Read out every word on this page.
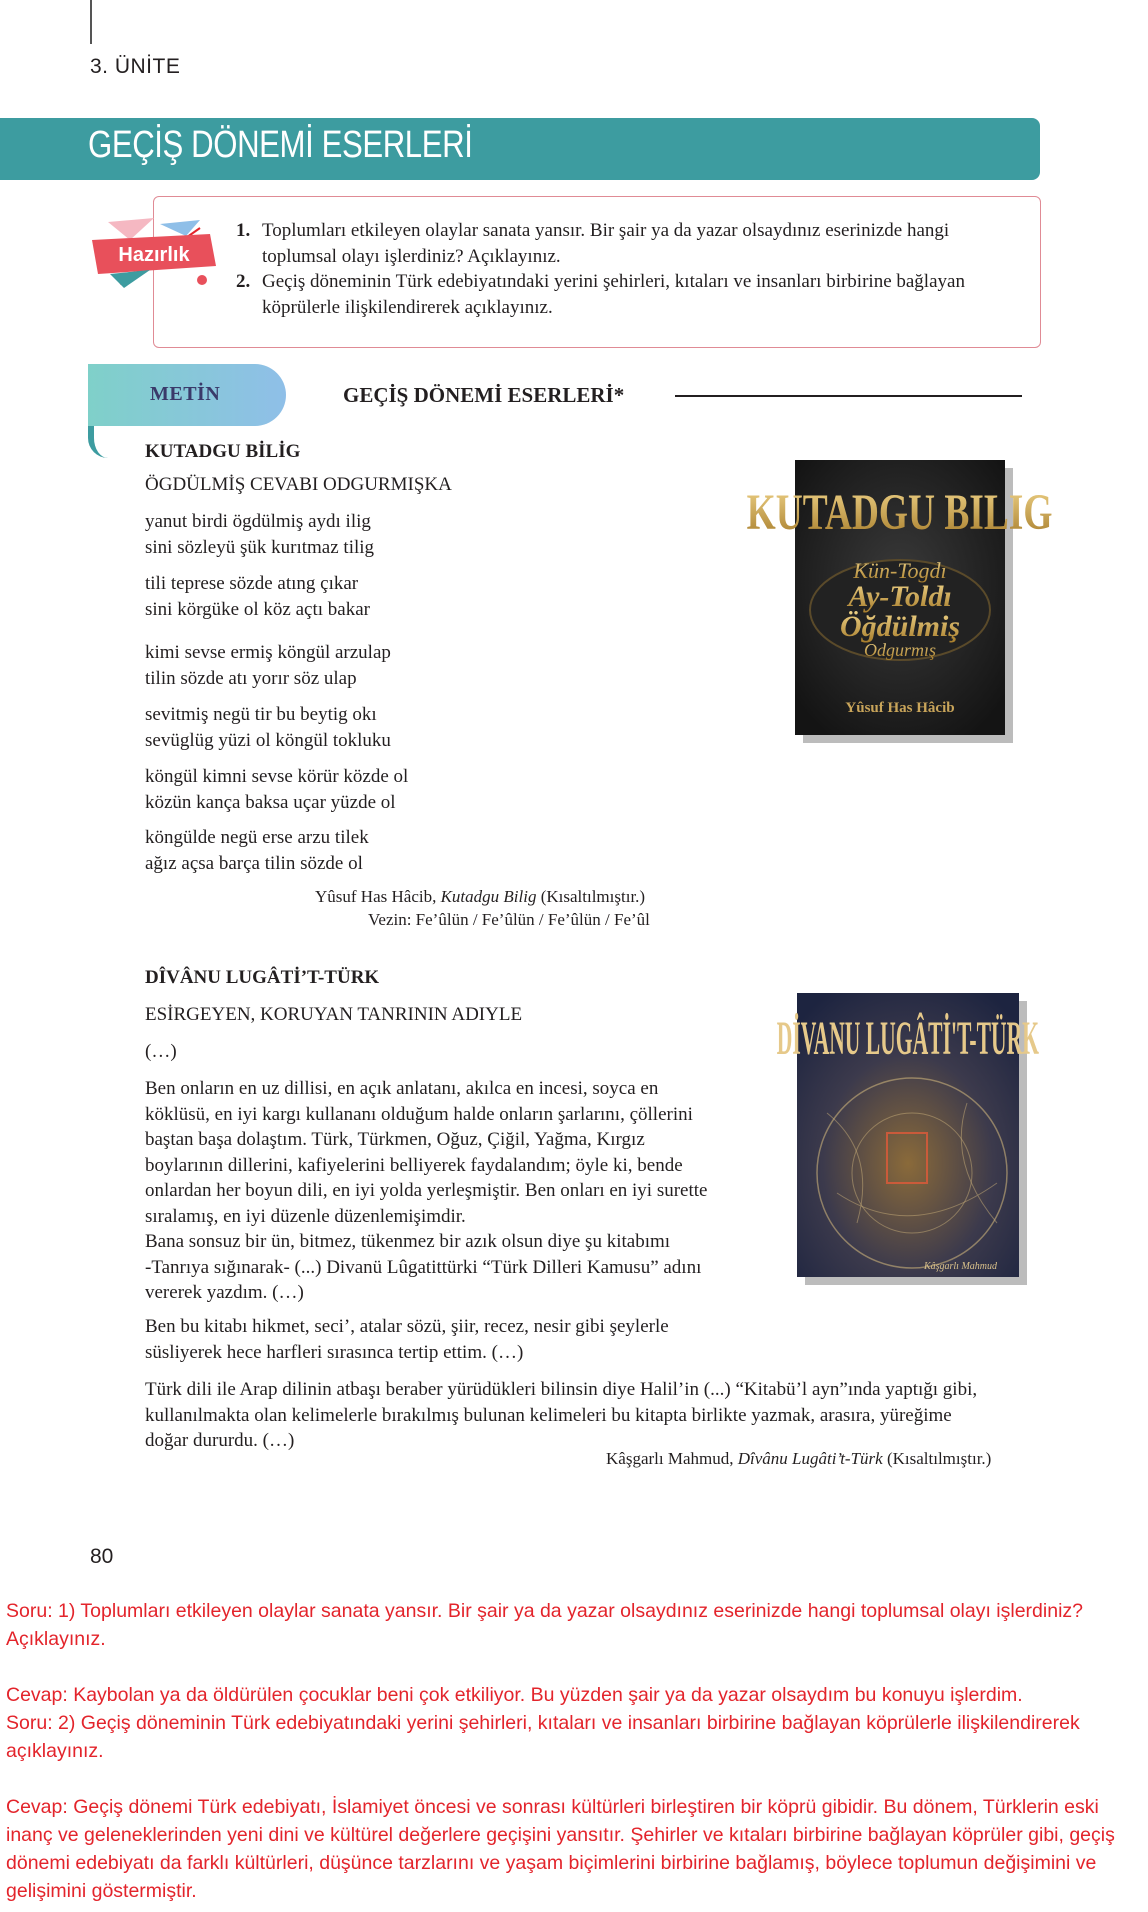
3. ÜNİTE
GEÇİŞ DÖNEMİ ESERLERİ
Hazırlık
1. Toplumları etkileyen olaylar sanata yansır. Bir şair ya da yazar olsaydınız eserinizde hangi toplumsal olayı işlerdiniz? Açıklayınız.
2. Geçiş döneminin Türk edebiyatındaki yerini şehirleri, kıtaları ve insanları birbirine bağlayan köprülerle ilişkilendirerek açıklayınız.
METİN	GEÇİŞ DÖNEMİ ESERLERİ*
KUTADGU BİLİG
ÖGDÜLMİŞ CEVABI ODGURMIŞKA
yanut birdi ögdülmiş aydı ilig
sini sözleyü şük kurıtmaz tilig
tili teprese sözde atıng çıkar
sini körgüke ol köz açtı bakar
kimi sevse ermiş köngül arzulap
tilin sözde atı yorır söz ulap
sevitmiş negü tir bu beytig okı
sevüglüg yüzi ol köngül tokluku
köngül kimni sevse körür közde ol
közün kança baksa uçar yüzde ol
köngülde negü erse arzu tilek
ağız açsa barça tilin sözde ol
Yûsuf Has Hâcib, Kutadgu Bilig (Kısaltılmıştır.)
Vezin: Fe’ûlün / Fe’ûlün / Fe’ûlün / Fe’ûl
KUTADGU BILIG
Kün-Togdı
Ay-Toldı
Öğdülmiş
Odgurmış
Yûsuf Has Hâcib
DÎVÂNU LUGÂTİ’T-TÜRK
ESİRGEYEN, KORUYAN TANRININ ADIYLE
(…)
Ben onların en uz dillisi, en açık anlatanı, akılca en incesi, soyca en
köklüsü, en iyi kargı kullananı olduğum halde onların şarlarını, çöllerini
baştan başa dolaştım. Türk, Türkmen, Oğuz, Çiğil, Yağma, Kırgız
boylarının dillerini, kafiyelerini belliyerek faydalandım; öyle ki, bende
onlardan her boyun dili, en iyi yolda yerleşmiştir. Ben onları en iyi surette
sıralamış, en iyi düzenle düzenlemişimdir.
Bana sonsuz bir ün, bitmez, tükenmez bir azık olsun diye şu kitabımı
-Tanrıya sığınarak- (...) Divanü Lûgatittürki “Türk Dilleri Kamusu” adını
vererek yazdım. (…)
Ben bu kitabı hikmet, seci’, atalar sözü, şiir, recez, nesir gibi şeylerle
süsliyerek hece harfleri sırasınca tertip ettim. (…)
Türk dili ile Arap dilinin atbaşı beraber yürüdükleri bilinsin diye Halil’in (...) “Kitabü’l ayn”ında yaptığı gibi,
kullanılmakta olan kelimelerle bırakılmış bulunan kelimeleri bu kitapta birlikte yazmak, arasıra, yüreğime
doğar dururdu. (…)
Kâşgarlı Mahmud, Dîvânu Lugâti’t-Türk (Kısaltılmıştır.)
DİVANU LUGÂTİ'T-TÜRK
Kâşgarlı Mahmud
80
Soru: 1) Toplumları etkileyen olaylar sanata yansır. Bir şair ya da yazar olsaydınız eserinizde hangi toplumsal olayı işlerdiniz? Açıklayınız.
Cevap: Kaybolan ya da öldürülen çocuklar beni çok etkiliyor. Bu yüzden şair ya da yazar olsaydım bu konuyu işlerdim.
Soru: 2) Geçiş döneminin Türk edebiyatındaki yerini şehirleri, kıtaları ve insanları birbirine bağlayan köprülerle ilişkilendirerek açıklayınız.
Cevap: Geçiş dönemi Türk edebiyatı, İslamiyet öncesi ve sonrası kültürleri birleştiren bir köprü gibidir. Bu dönem, Türklerin eski inanç ve geleneklerinden yeni dini ve kültürel değerlere geçişini yansıtır. Şehirler ve kıtaları birbirine bağlayan köprüler gibi, geçiş dönemi edebiyatı da farklı kültürleri, düşünce tarzlarını ve yaşam biçimlerini birbirine bağlamış, böylece toplumun değişimini ve gelişimini göstermiştir.
